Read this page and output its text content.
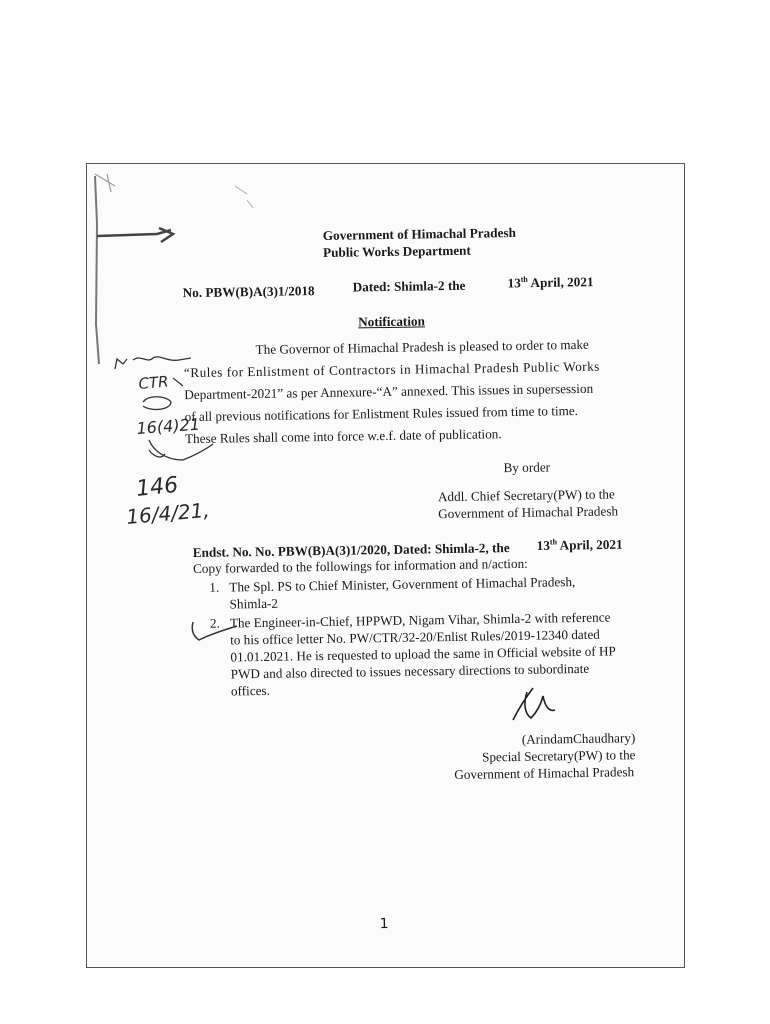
Government of Himachal Pradesh
Public Works Department
No. PBW(B)A(3)1/2018	Dated: Shimla-2 the	13th April, 2021
Notification
The Governor of Himachal Pradesh is pleased to order to make
“Rules for Enlistment of Contractors in Himachal Pradesh Public Works
Department-2021” as per Annexure-“A” annexed. This issues in supersession
of all previous notifications for Enlistment Rules issued from time to time.
These Rules shall come into force w.e.f. date of publication.
By order
Addl. Chief Secretary(PW) to the
Government of Himachal Pradesh
Endst. No. No. PBW(B)A(3)1/2020, Dated: Shimla-2, the 13th April, 2021
Copy forwarded to the followings for information and n/action:
1. The Spl. PS to Chief Minister, Government of Himachal Pradesh,
Shimla-2
2. The Engineer-in-Chief, HPPWD, Nigam Vihar, Shimla-2 with reference
to his office letter No. PW/CTR/32-20/Enlist Rules/2019-12340 dated
01.01.2021. He is requested to upload the same in Official website of HP
PWD and also directed to issues necessary directions to subordinate
offices.
(ArindamChaudhary)
Special Secretary(PW) to the
Government of Himachal Pradesh
1
CTR
16(4)21
146
16/4/21,
